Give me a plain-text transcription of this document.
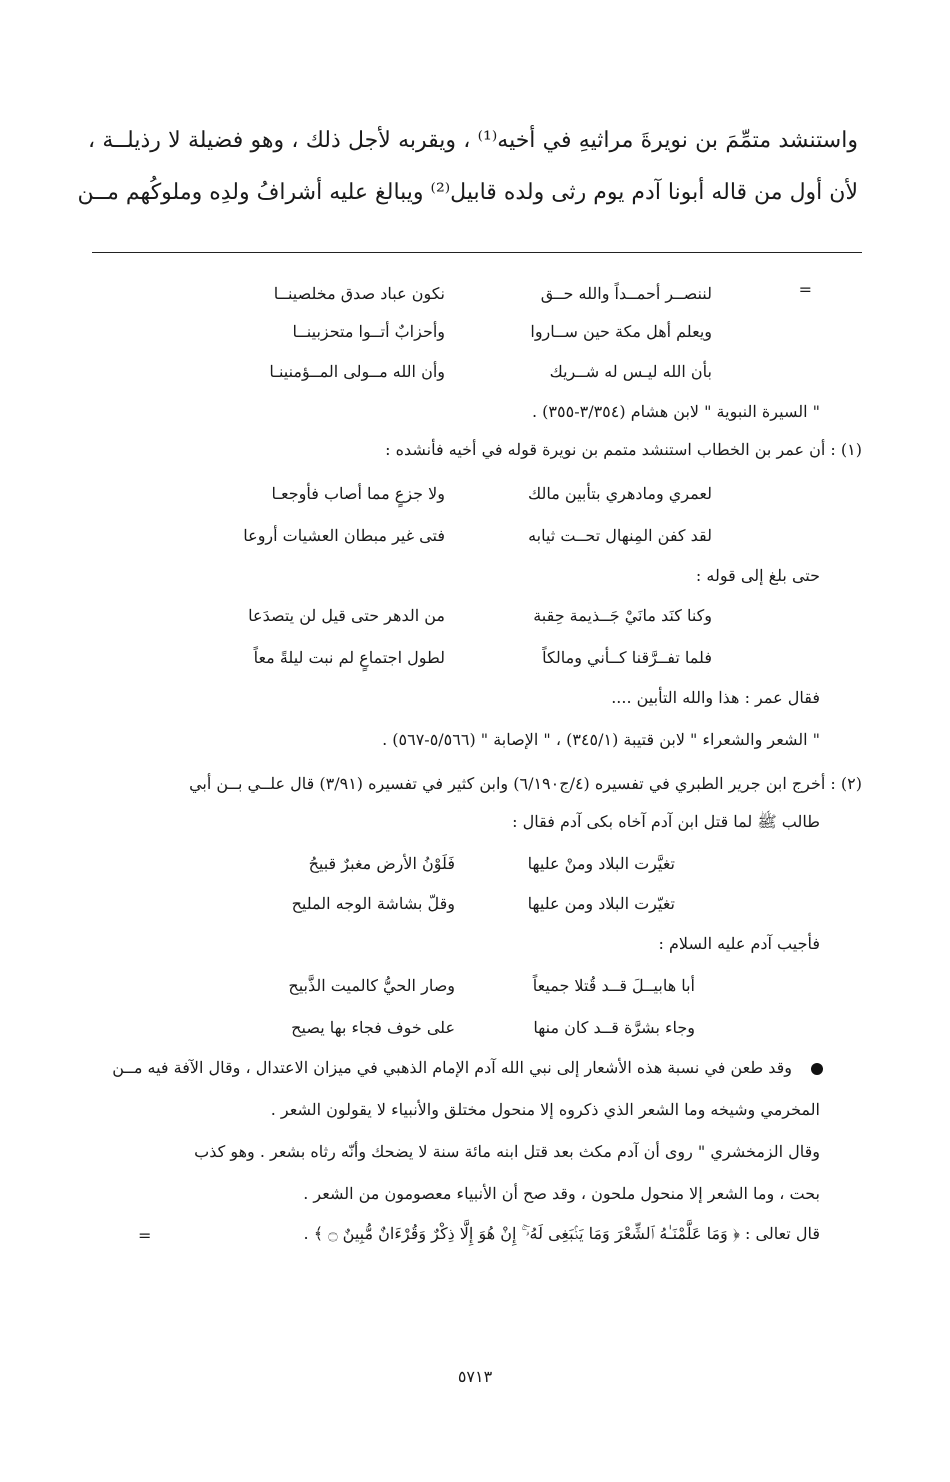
واستنشد متمِّمَ بن نويرةَ مراثيهِ في أخيه⁽¹⁾ ، ويقربه لأجل ذلك ، وهو فضيلة لا رذيلــة ،
لأن أول من قاله أبونا آدم يوم رثى ولده قابيل⁽²⁾ ويبالغ عليه أشرافُ ولدِه وملوكُهم مــن
=
لننصــر أحمــداً والله حــق
نكون عباد صدق مخلصينــا
ويعلم أهل مكة حين ســاروا
وأحزابٌ أتــوا متحزبينــا
بأن الله ليـس له شــريك
وأن الله مــولى المــؤمنينـا
" السيرة النبوية " لابن هشام (٣/٣٥٤-٣٥٥) .
(١) : أن عمر بن الخطاب استنشد متمم بن نويرة قوله في أخيه فأنشده :
لعمري ومادهري بتأبين مالك
ولا جزعٍ مما أصاب فأوجعـا
لقد كفن المِنهال تحــت ثيابه
فتى غير مبطان العشيات أروعا
حتى بلغ إلى قوله :
وكنا كنَد مانَيْ جَــذيمة حِقبة
من الدهر حتى قيل لن يتصدَعا
فلما تفــرَّقنا كــأني ومالكاً
لطول اجتماعٍ لم نبت ليلةً معاً
فقال عمر : هذا والله التأبين ....
" الشعر والشعراء " لابن قتيبة (٣٤٥/١) ، " الإصابة " (٥/٥٦٦-٥٦٧) .
(٢) : أخرج ابن جرير الطبري في تفسيره (٤/ج٦/١٩٠) وابن كثير في تفسيره (٣/٩١) قال علــي بــن أبي
طالب ﷺ لما قتل ابن آدم آخاه بكى آدم فقال :
تغيَّرت البلاد ومنْ عليها
فَلَوْنُ الأرض مغبرٌ قبيحُ
تغيّرت البلاد ومن عليها
وقلّ بشاشة الوجه المليح
فأجيب آدم عليه السلام :
أبا هابيــلَ قــد قُتلا جميعاً
وصار الحيُّ كالميت الذَّبيح
وجاء بشرَّة قــد كان منها
على خوف فجاء بها يصيح
وقد طعن في نسبة هذه الأشعار إلى نبي الله آدم الإمام الذهبي في ميزان الاعتدال ، وقال الآفة فيه مــن
المخرمي وشيخه وما الشعر الذي ذكروه إلا منحول مختلق والأنبياء لا يقولون الشعر .
وقال الزمخشري " روى أن آدم مكث بعد قتل ابنه مائة سنة لا يضحك وأنّه رثاه بشعر . وهو كذب
بحت ، وما الشعر إلا منحول ملحون ، وقد صح أن الأنبياء معصومون من الشعر .
قال تعالى : ﴿ وَمَا عَلَّمْنَـٰهُ ٱلشِّعْرَ وَمَا يَنۢبَغِى لَهُۥٓ ۚ إِنْ هُوَ إِلَّا ذِكْرٌ وَقُرْءَانٌ مُّبِينٌ ۝ ﴾ .
=
٥٧١٣
